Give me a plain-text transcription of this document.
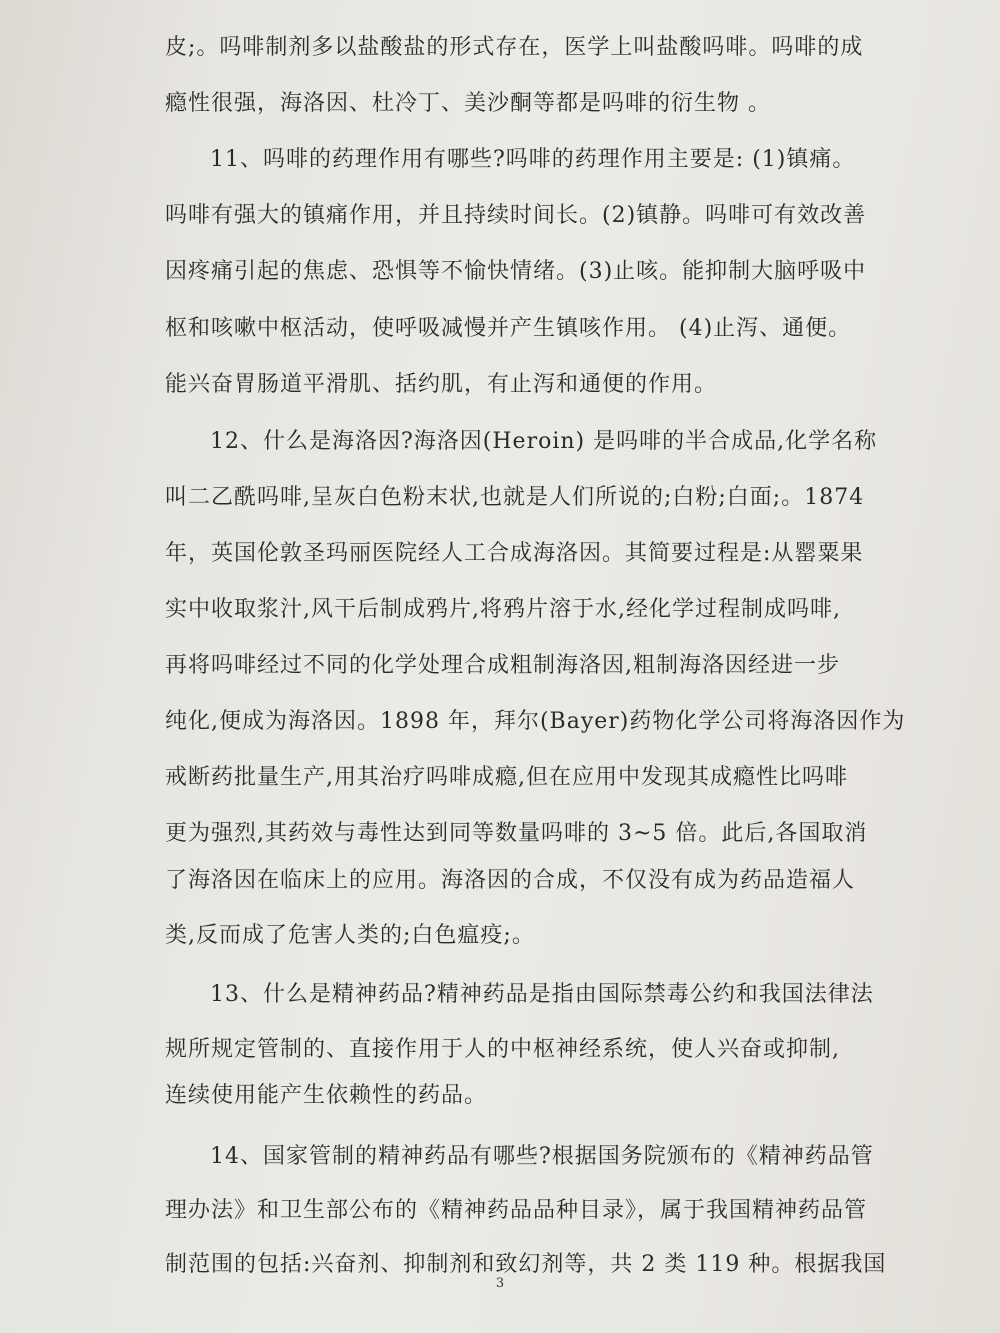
皮;。吗啡制剂多以盐酸盐的形式存在，医学上叫盐酸吗啡。吗啡的成
瘾性很强，海洛因、杜冷丁、美沙酮等都是吗啡的衍生物 。
11、吗啡的药理作用有哪些?吗啡的药理作用主要是: (1)镇痛。
吗啡有强大的镇痛作用，并且持续时间长。(2)镇静。吗啡可有效改善
因疼痛引起的焦虑、恐惧等不愉快情绪。(3)止咳。能抑制大脑呼吸中
枢和咳嗽中枢活动，使呼吸减慢并产生镇咳作用。 (4)止泻、通便。
能兴奋胃肠道平滑肌、括约肌，有止泻和通便的作用。
12、什么是海洛因?海洛因(Heroin) 是吗啡的半合成品,化学名称
叫二乙酰吗啡,呈灰白色粉末状,也就是人们所说的;白粉;白面;。1874
年，英国伦敦圣玛丽医院经人工合成海洛因。其简要过程是:从罂粟果
实中收取浆汁,风干后制成鸦片,将鸦片溶于水,经化学过程制成吗啡,
再将吗啡经过不同的化学处理合成粗制海洛因,粗制海洛因经进一步
纯化,便成为海洛因。1898 年，拜尔(Bayer)药物化学公司将海洛因作为
戒断药批量生产,用其治疗吗啡成瘾,但在应用中发现其成瘾性比吗啡
更为强烈,其药效与毒性达到同等数量吗啡的 3~5 倍。此后,各国取消
了海洛因在临床上的应用。海洛因的合成，不仅没有成为药品造福人
类,反而成了危害人类的;白色瘟疫;。
13、什么是精神药品?精神药品是指由国际禁毒公约和我国法律法
规所规定管制的、直接作用于人的中枢神经系统，使人兴奋或抑制,
连续使用能产生依赖性的药品。
14、国家管制的精神药品有哪些?根据国务院颁布的《精神药品管
理办法》和卫生部公布的《精神药品品种目录》，属于我国精神药品管
制范围的包括:兴奋剂、抑制剂和致幻剂等，共 2 类 119 种。根据我国
3
